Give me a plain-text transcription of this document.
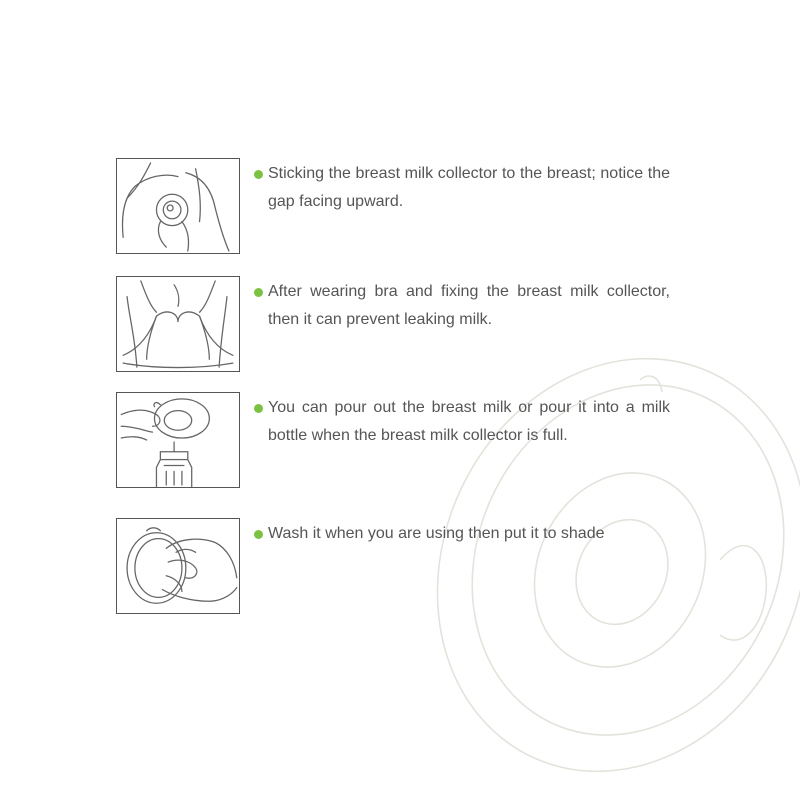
Sticking the breast milk collector to the breast; notice the gap facing upward.
After wearing bra and fixing the breast milk collector, then it can prevent leaking milk.
You can pour out the breast milk or pour it into a milk bottle when the breast milk collector is full.
Wash it when you are using then put it to shade
